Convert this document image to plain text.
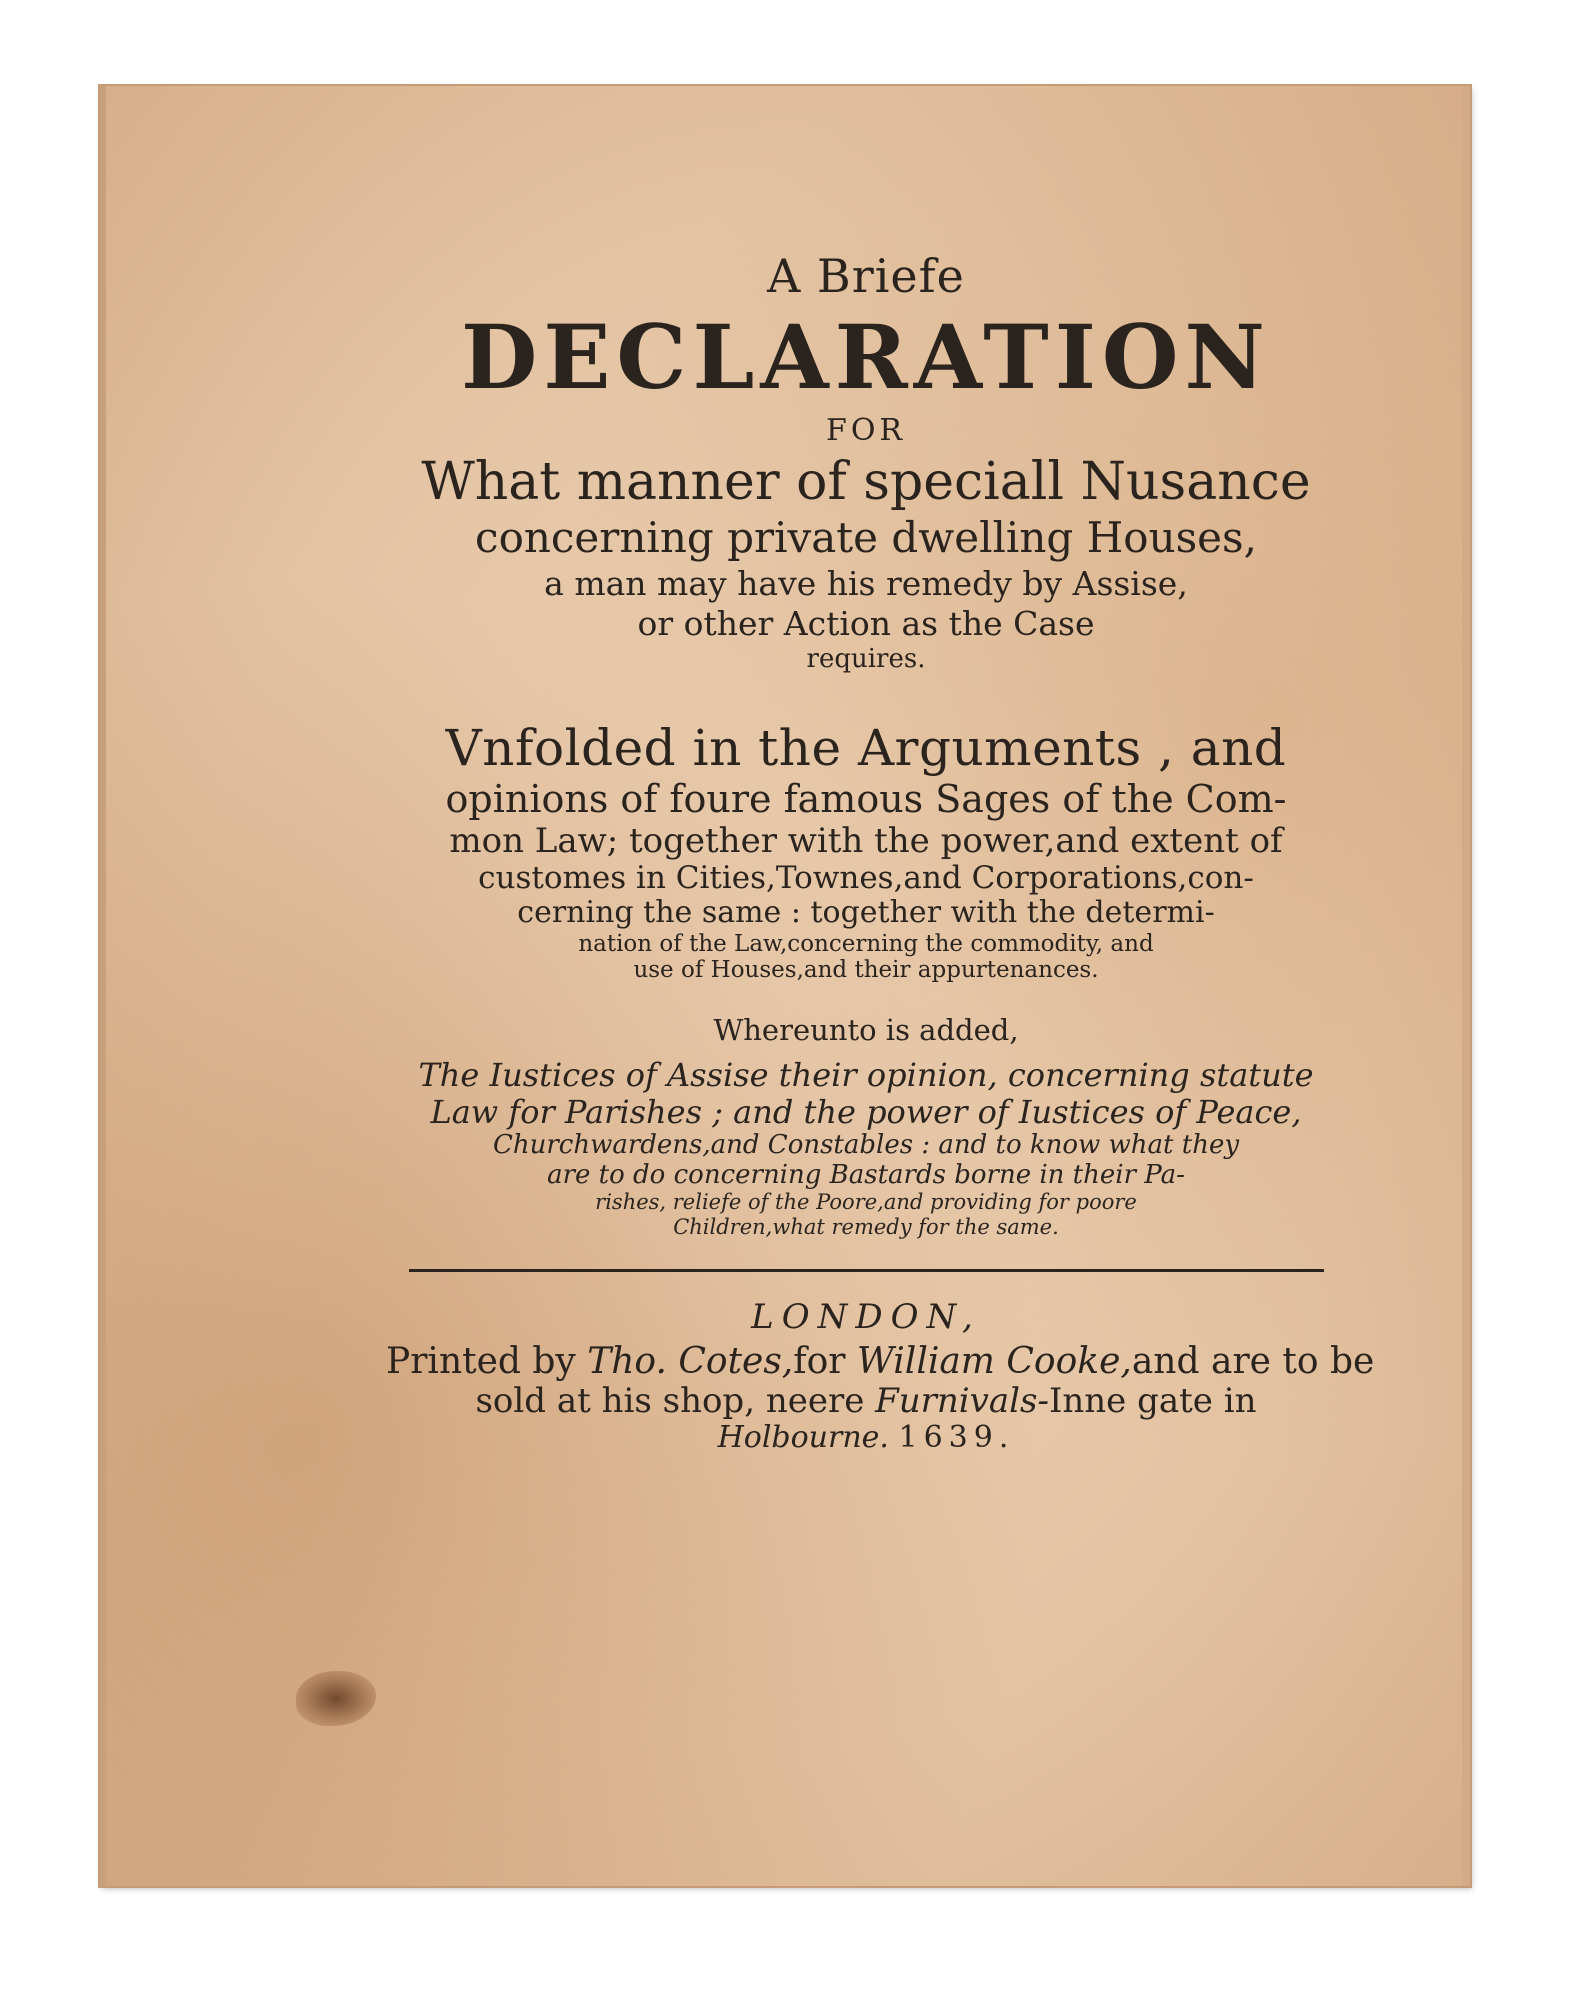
A Briefe
DECLARATION
FOR
What manner of speciall Nusance
concerning private dwelling Houses,
a man may have his remedy by Assise,
or other Action as the Case
requires.
Vnfolded in the Arguments , and
opinions of foure famous Sages of the Com-
mon Law; together with the power,and extent of
customes in Cities,Townes,and Corporations,con-
cerning the same : together with the determi-
nation of the Law,concerning the commodity, and
use of Houses,and their appurtenances.
Whereunto is added,
The Iustices of Assise their opinion, concerning statute
Law for Parishes ; and the power of Iustices of Peace,
Churchwardens,and Constables : and to know what they
are to do concerning Bastards borne in their Pa-
rishes, reliefe of the Poore,and providing for poore
Children,what remedy for the same.
LONDON,
Printed by Tho. Cotes,for William Cooke,and are to be
sold at his shop, neere Furnivals-Inne gate in
Holbourne. 1639.
